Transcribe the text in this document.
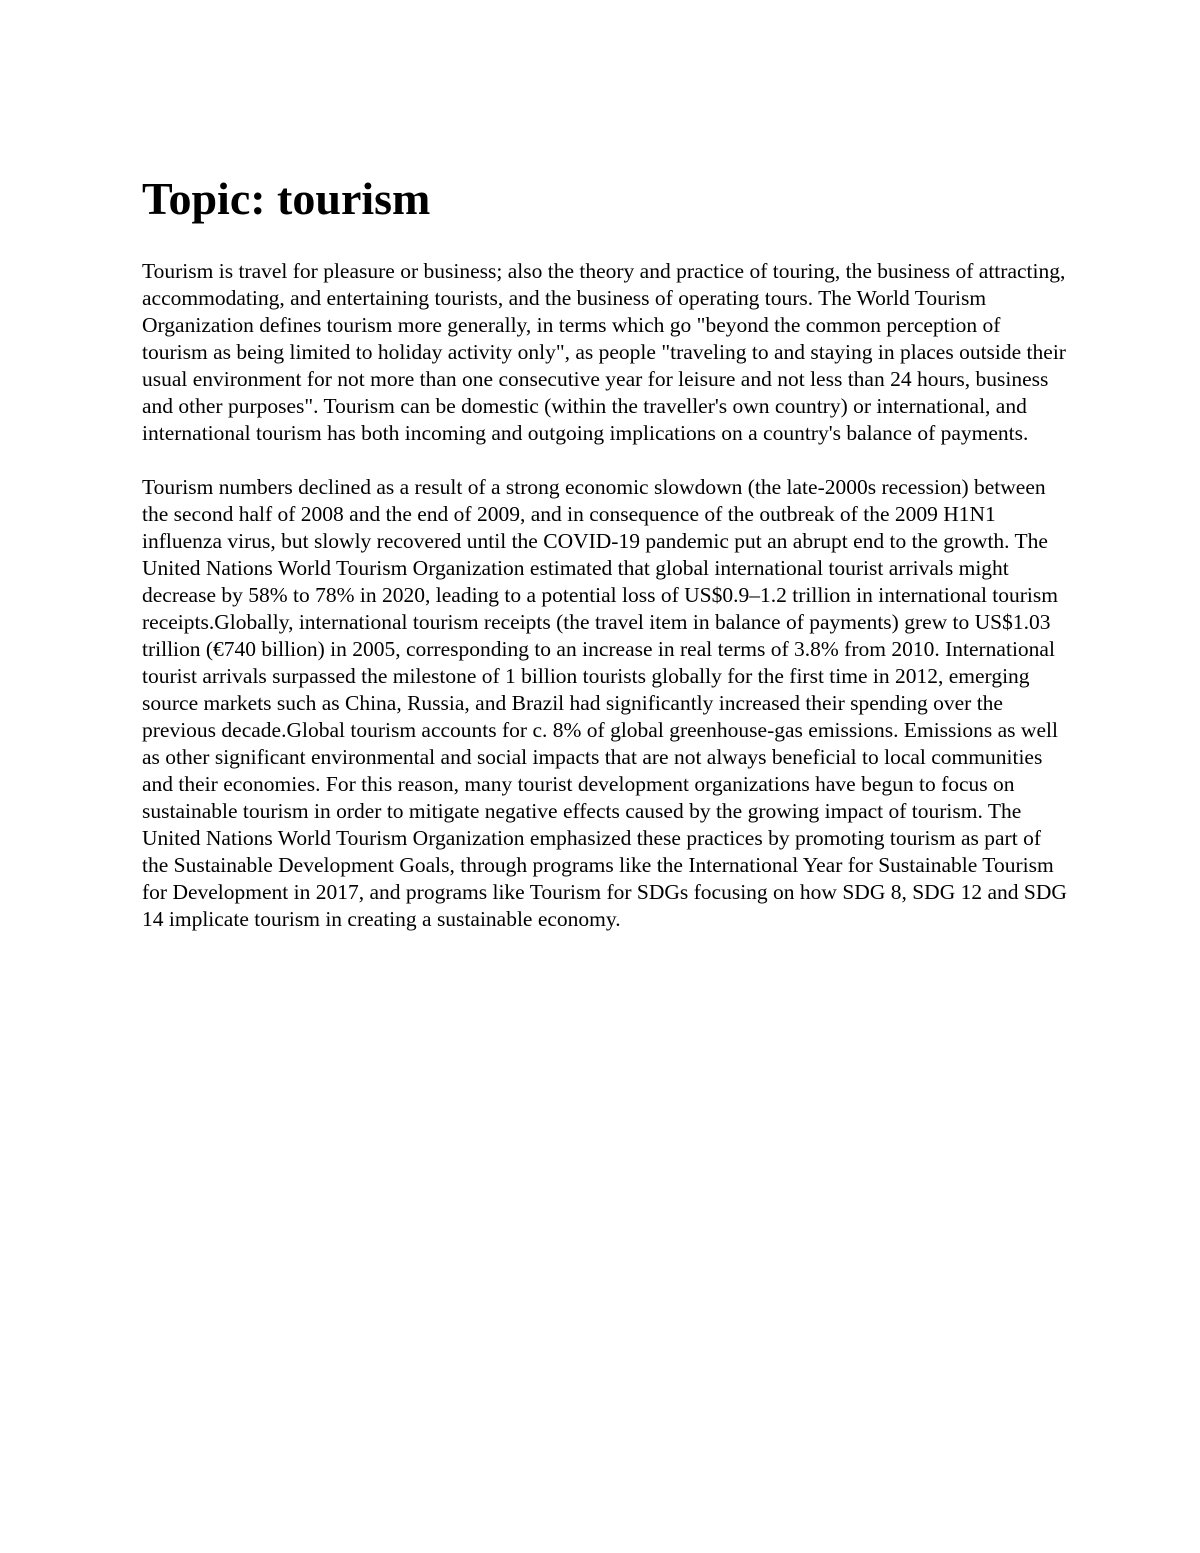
Topic: tourism

Tourism is travel for pleasure or business; also the theory and practice of touring, the business of attracting, accommodating, and entertaining tourists, and the business of operating tours. The World Tourism Organization defines tourism more generally, in terms which go "beyond the common perception of tourism as being limited to holiday activity only", as people "traveling to and staying in places outside their usual environment for not more than one consecutive year for leisure and not less than 24 hours, business and other purposes". Tourism can be domestic (within the traveller's own country) or international, and international tourism has both incoming and outgoing implications on a country's balance of payments.

Tourism numbers declined as a result of a strong economic slowdown (the late-2000s recession) between the second half of 2008 and the end of 2009, and in consequence of the outbreak of the 2009 H1N1 influenza virus, but slowly recovered until the COVID-19 pandemic put an abrupt end to the growth. The United Nations World Tourism Organization estimated that global international tourist arrivals might decrease by 58% to 78% in 2020, leading to a potential loss of US$0.9–1.2 trillion in international tourism receipts.Globally, international tourism receipts (the travel item in balance of payments) grew to US$1.03 trillion (€740 billion) in 2005, corresponding to an increase in real terms of 3.8% from 2010. International tourist arrivals surpassed the milestone of 1 billion tourists globally for the first time in 2012, emerging source markets such as China, Russia, and Brazil had significantly increased their spending over the previous decade.Global tourism accounts for c. 8% of global greenhouse-gas emissions. Emissions as well as other significant environmental and social impacts that are not always beneficial to local communities and their economies. For this reason, many tourist development organizations have begun to focus on sustainable tourism in order to mitigate negative effects caused by the growing impact of tourism. The United Nations World Tourism Organization emphasized these practices by promoting tourism as part of the Sustainable Development Goals, through programs like the International Year for Sustainable Tourism for Development in 2017, and programs like Tourism for SDGs focusing on how SDG 8, SDG 12 and SDG 14 implicate tourism in creating a sustainable economy.
